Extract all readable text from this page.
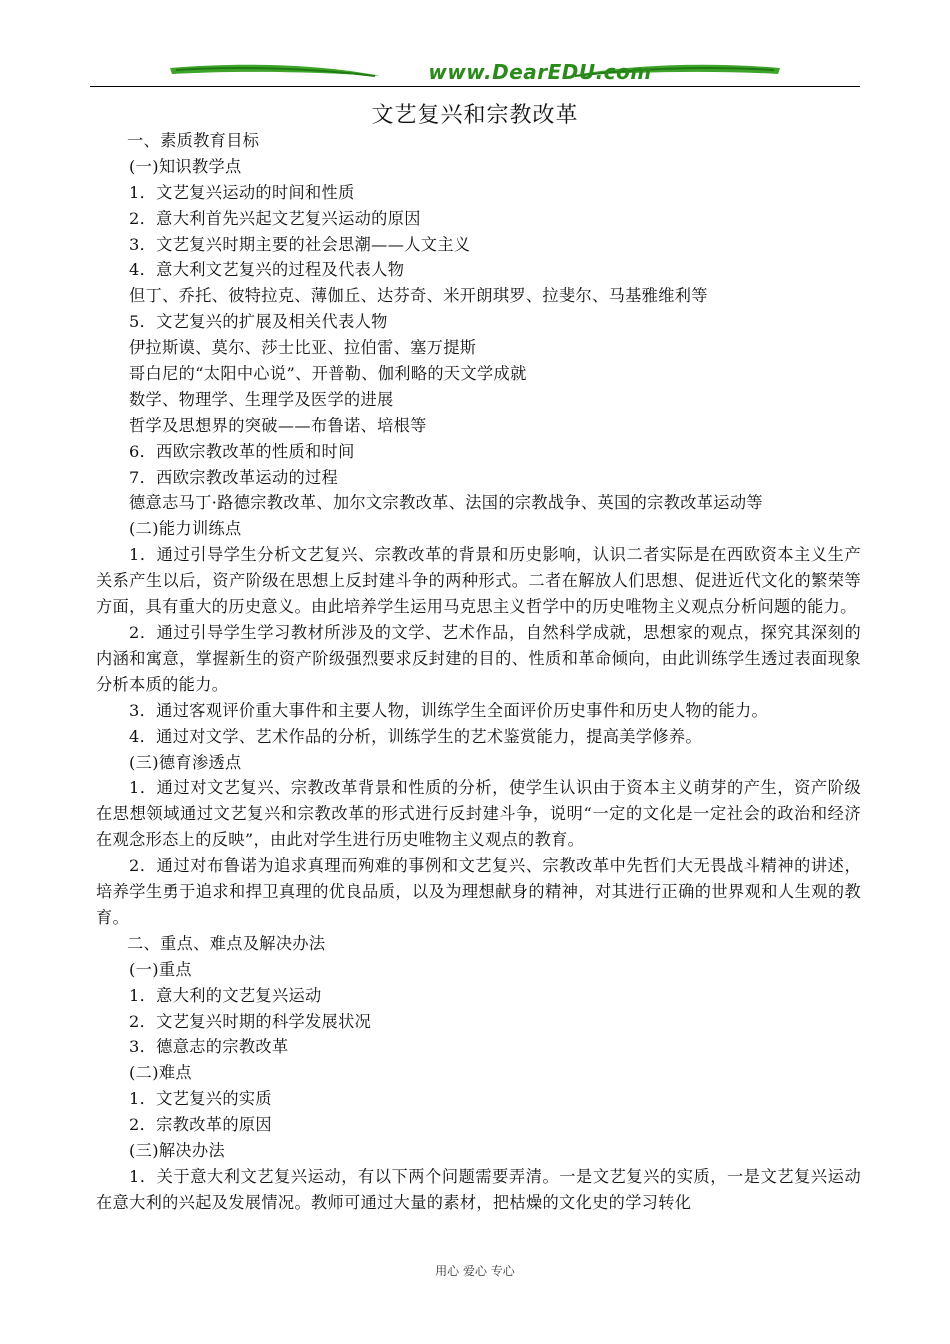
www.DearEDU.com
文艺复兴和宗教改革
一、素质教育目标
(一)知识教学点
1．文艺复兴运动的时间和性质
2．意大利首先兴起文艺复兴运动的原因
3．文艺复兴时期主要的社会思潮——人文主义
4．意大利文艺复兴的过程及代表人物
但丁、乔托、彼特拉克、薄伽丘、达芬奇、米开朗琪罗、拉斐尔、马基雅维利等
5．文艺复兴的扩展及相关代表人物
伊拉斯谟、莫尔、莎士比亚、拉伯雷、塞万提斯
哥白尼的“太阳中心说”、开普勒、伽利略的天文学成就
数学、物理学、生理学及医学的进展
哲学及思想界的突破——布鲁诺、培根等
6．西欧宗教改革的性质和时间
7．西欧宗教改革运动的过程
德意志马丁·路德宗教改革、加尔文宗教改革、法国的宗教战争、英国的宗教改革运动等
(二)能力训练点
1．通过引导学生分析文艺复兴、宗教改革的背景和历史影响，认识二者实际是在西欧资本主义生产关系产生以后，资产阶级在思想上反封建斗争的两种形式。二者在解放人们思想、促进近代文化的繁荣等方面，具有重大的历史意义。由此培养学生运用马克思主义哲学中的历史唯物主义观点分析问题的能力。
2．通过引导学生学习教材所涉及的文学、艺术作品，自然科学成就，思想家的观点，探究其深刻的内涵和寓意，掌握新生的资产阶级强烈要求反封建的目的、性质和革命倾向，由此训练学生透过表面现象分析本质的能力。
3．通过客观评价重大事件和主要人物，训练学生全面评价历史事件和历史人物的能力。
4．通过对文学、艺术作品的分析，训练学生的艺术鉴赏能力，提高美学修养。
(三)德育渗透点
1．通过对文艺复兴、宗教改革背景和性质的分析，使学生认识由于资本主义萌芽的产生，资产阶级在思想领域通过文艺复兴和宗教改革的形式进行反封建斗争，说明“一定的文化是一定社会的政治和经济在观念形态上的反映”，由此对学生进行历史唯物主义观点的教育。
2．通过对布鲁诺为追求真理而殉难的事例和文艺复兴、宗教改革中先哲们大无畏战斗精神的讲述，培养学生勇于追求和捍卫真理的优良品质，以及为理想献身的精神，对其进行正确的世界观和人生观的教育。
二、重点、难点及解决办法
(一)重点
1．意大利的文艺复兴运动
2．文艺复兴时期的科学发展状况
3．德意志的宗教改革
(二)难点
1．文艺复兴的实质
2．宗教改革的原因
(三)解决办法
1．关于意大利文艺复兴运动，有以下两个问题需要弄清。一是文艺复兴的实质，一是文艺复兴运动在意大利的兴起及发展情况。教师可通过大量的素材，把枯燥的文化史的学习转化
用心 爱心 专心
